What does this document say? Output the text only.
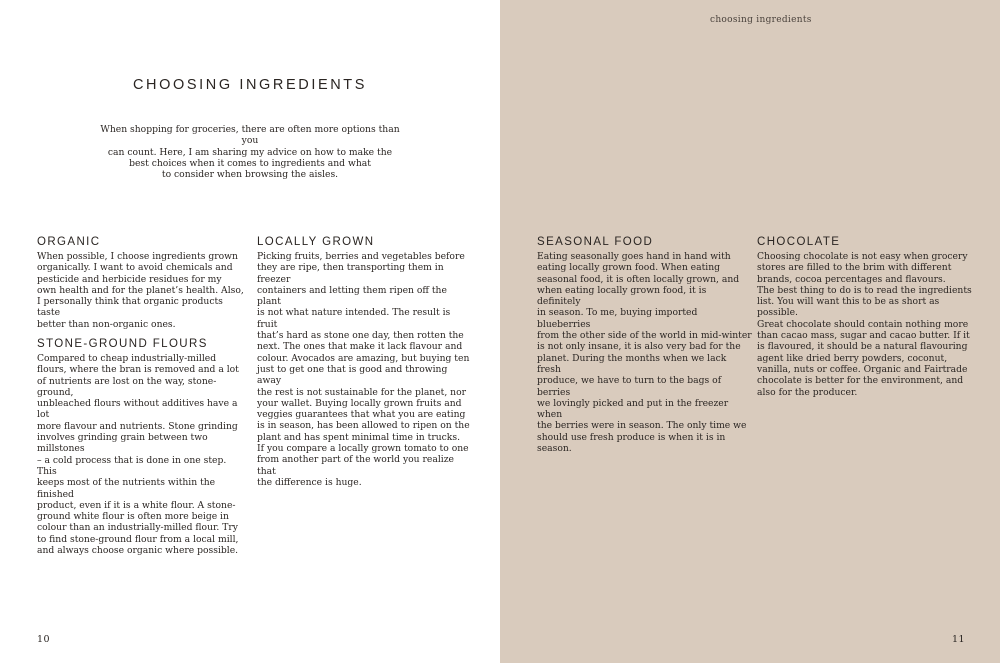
CHOOSING INGREDIENTS

When shopping for groceries, there are often more options than you
can count. Here, I am sharing my advice on how to make the
best choices when it comes to ingredients and what
to consider when browsing the aisles.

ORGANIC

When possible, I choose ingredients grown
organically. I want to avoid chemicals and
pesticide and herbicide residues for my
own health and for the planet’s health. Also,
I personally think that organic products taste
better than non-organic ones.

STONE-GROUND FLOURS

Compared to cheap industrially-milled
flours, where the bran is removed and a lot
of nutrients are lost on the way, stone-ground,
unbleached flours without additives have a lot
more flavour and nutrients. Stone grinding
involves grinding grain between two millstones
– a cold process that is done in one step. This
keeps most of the nutrients within the finished
product, even if it is a white flour. A stone-
ground white flour is often more beige in
colour than an industrially-milled flour. Try
to find stone-ground flour from a local mill,
and always choose organic where possible.

LOCALLY GROWN

Picking fruits, berries and vegetables before
they are ripe, then transporting them in freezer
containers and letting them ripen off the plant
is not what nature intended. The result is fruit
that’s hard as stone one day, then rotten the
next. The ones that make it lack flavour and
colour. Avocados are amazing, but buying ten
just to get one that is good and throwing away
the rest is not sustainable for the planet, nor
your wallet. Buying locally grown fruits and
veggies guarantees that what you are eating
is in season, has been allowed to ripen on the
plant and has spent minimal time in trucks.
If you compare a locally grown tomato to one
from another part of the world you realize that
the difference is huge.

10
choosing ingredients
SEASONAL FOOD

Eating seasonally goes hand in hand with
eating locally grown food. When eating
seasonal food, it is often locally grown, and
when eating locally grown food, it is definitely
in season. To me, buying imported blueberries
from the other side of the world in mid-winter
is not only insane, it is also very bad for the
planet. During the months when we lack fresh
produce, we have to turn to the bags of berries
we lovingly picked and put in the freezer when
the berries were in season. The only time we
should use fresh produce is when it is in season.

CHOCOLATE

Choosing chocolate is not easy when grocery
stores are filled to the brim with different
brands, cocoa percentages and flavours.
The best thing to do is to read the ingredients
list. You will want this to be as short as possible.
Great chocolate should contain nothing more
than cacao mass, sugar and cacao butter. If it
is flavoured, it should be a natural flavouring
agent like dried berry powders, coconut,
vanilla, nuts or coffee. Organic and Fairtrade
chocolate is better for the environment, and
also for the producer.

11
